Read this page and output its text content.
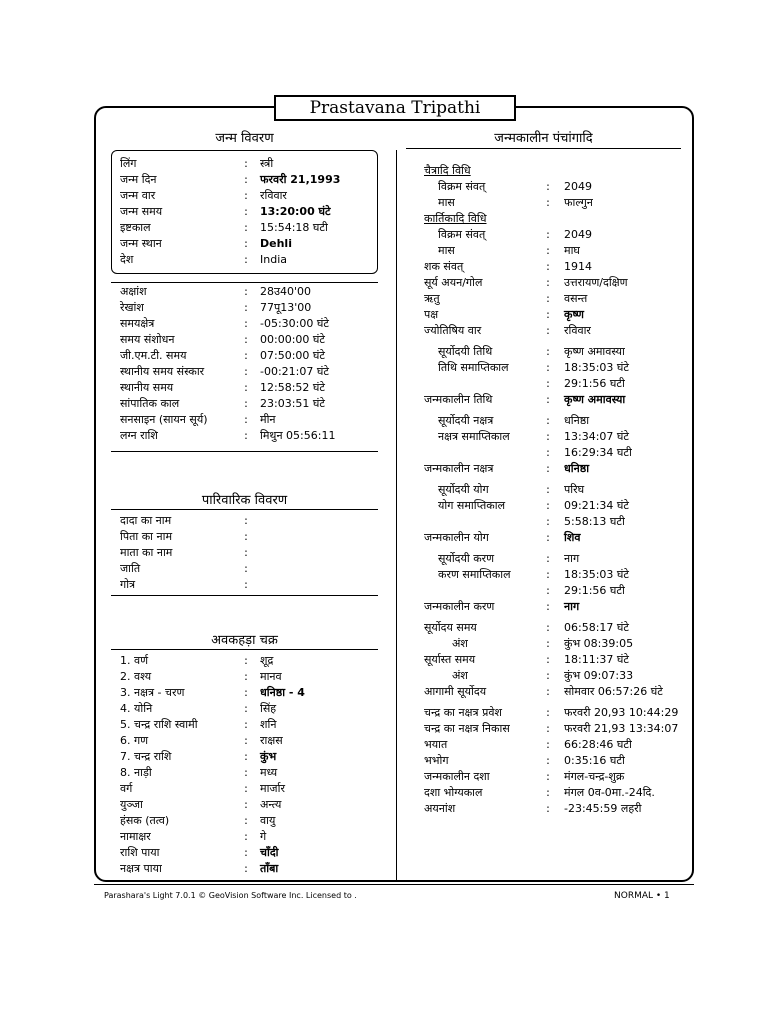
Prastavana Tripathi
जन्म विवरण
लिंग	: स्त्री
जन्म दिन	: फरवरी 21,1993
जन्म वार	: रविवार
जन्म समय	: 13:20:00 घंटे
इष्टकाल	: 15:54:18 घटी
जन्म स्थान	: Dehli
देश	: India
अक्षांश	: 28उ40'00
रेखांश	: 77पू13'00
समयक्षेत्र	: -05:30:00 घंटे
समय संशोधन	: 00:00:00 घंटे
जी.एम.टी. समय	: 07:50:00 घंटे
स्थानीय समय संस्कार	: -00:21:07 घंटे
स्थानीय समय	: 12:58:52 घंटे
सांपातिक काल	: 23:03:51 घंटे
सनसाइन (सायन सूर्य)	: मीन
लग्न राशि	: मिथुन 05:56:11
पारिवारिक विवरण
दादा का नाम	:
पिता का नाम	:
माता का नाम	:
जाति	:
गोत्र	:
अवकहड़ा चक्र
1. वर्ण	: शूद्र
2. वश्य	: मानव
3. नक्षत्र - चरण	: धनिष्ठा - 4
4. योनि	: सिंह
5. चन्द्र राशि स्वामी	: शनि
6. गण	: राक्षस
7. चन्द्र राशि	: कुंभ
8. नाड़ी	: मध्य
वर्ग	: मार्जार
युञ्जा	: अन्त्य
हंसक (तत्व)	: वायु
नामाक्षर	: गे
राशि पाया	: चाँदी
नक्षत्र पाया	: ताँबा
जन्मकालीन पंचांगादि
चैत्रादि विधि
विक्रम संवत्	: 2049
मास	: फाल्गुन
कार्तिकादि विधि
विक्रम संवत्	: 2049
मास	: माघ
शक संवत्	: 1914
सूर्य अयन/गोल	: उत्तरायण/दक्षिण
ऋतु	: वसन्त
पक्ष	: कृष्ण
ज्योतिषिय वार	: रविवार
सूर्योदयी तिथि	: कृष्ण अमावस्या
तिथि समाप्तिकाल	: 18:35:03 घंटे
: 29:1:56 घटी
जन्मकालीन तिथि	: कृष्ण अमावस्या
सूर्योदयी नक्षत्र	: धनिष्ठा
नक्षत्र समाप्तिकाल	: 13:34:07 घंटे
: 16:29:34 घटी
जन्मकालीन नक्षत्र	: धनिष्ठा
सूर्योदयी योग	: परिघ
योग समाप्तिकाल	: 09:21:34 घंटे
: 5:58:13 घटी
जन्मकालीन योग	: शिव
सूर्योदयी करण	: नाग
करण समाप्तिकाल	: 18:35:03 घंटे
: 29:1:56 घटी
जन्मकालीन करण	: नाग
सूर्योदय समय	: 06:58:17 घंटे
अंश	: कुंभ 08:39:05
सूर्यास्त समय	: 18:11:37 घंटे
अंश	: कुंभ 09:07:33
आगामी सूर्योदय	: सोमवार 06:57:26 घंटे
चन्द्र का नक्षत्र प्रवेश	: फरवरी 20,93 10:44:29
चन्द्र का नक्षत्र निकास	: फरवरी 21,93 13:34:07
भयात	: 66:28:46 घटी
भभोग	: 0:35:16 घटी
जन्मकालीन दशा	: मंगल-चन्द्र-शुक्र
दशा भोग्यकाल	: मंगल 0व-0मा.-24दि.
अयनांश	: -23:45:59 लहरी
Parashara's Light 7.0.1 © GeoVision Software Inc. Licensed to .	NORMAL • 1
